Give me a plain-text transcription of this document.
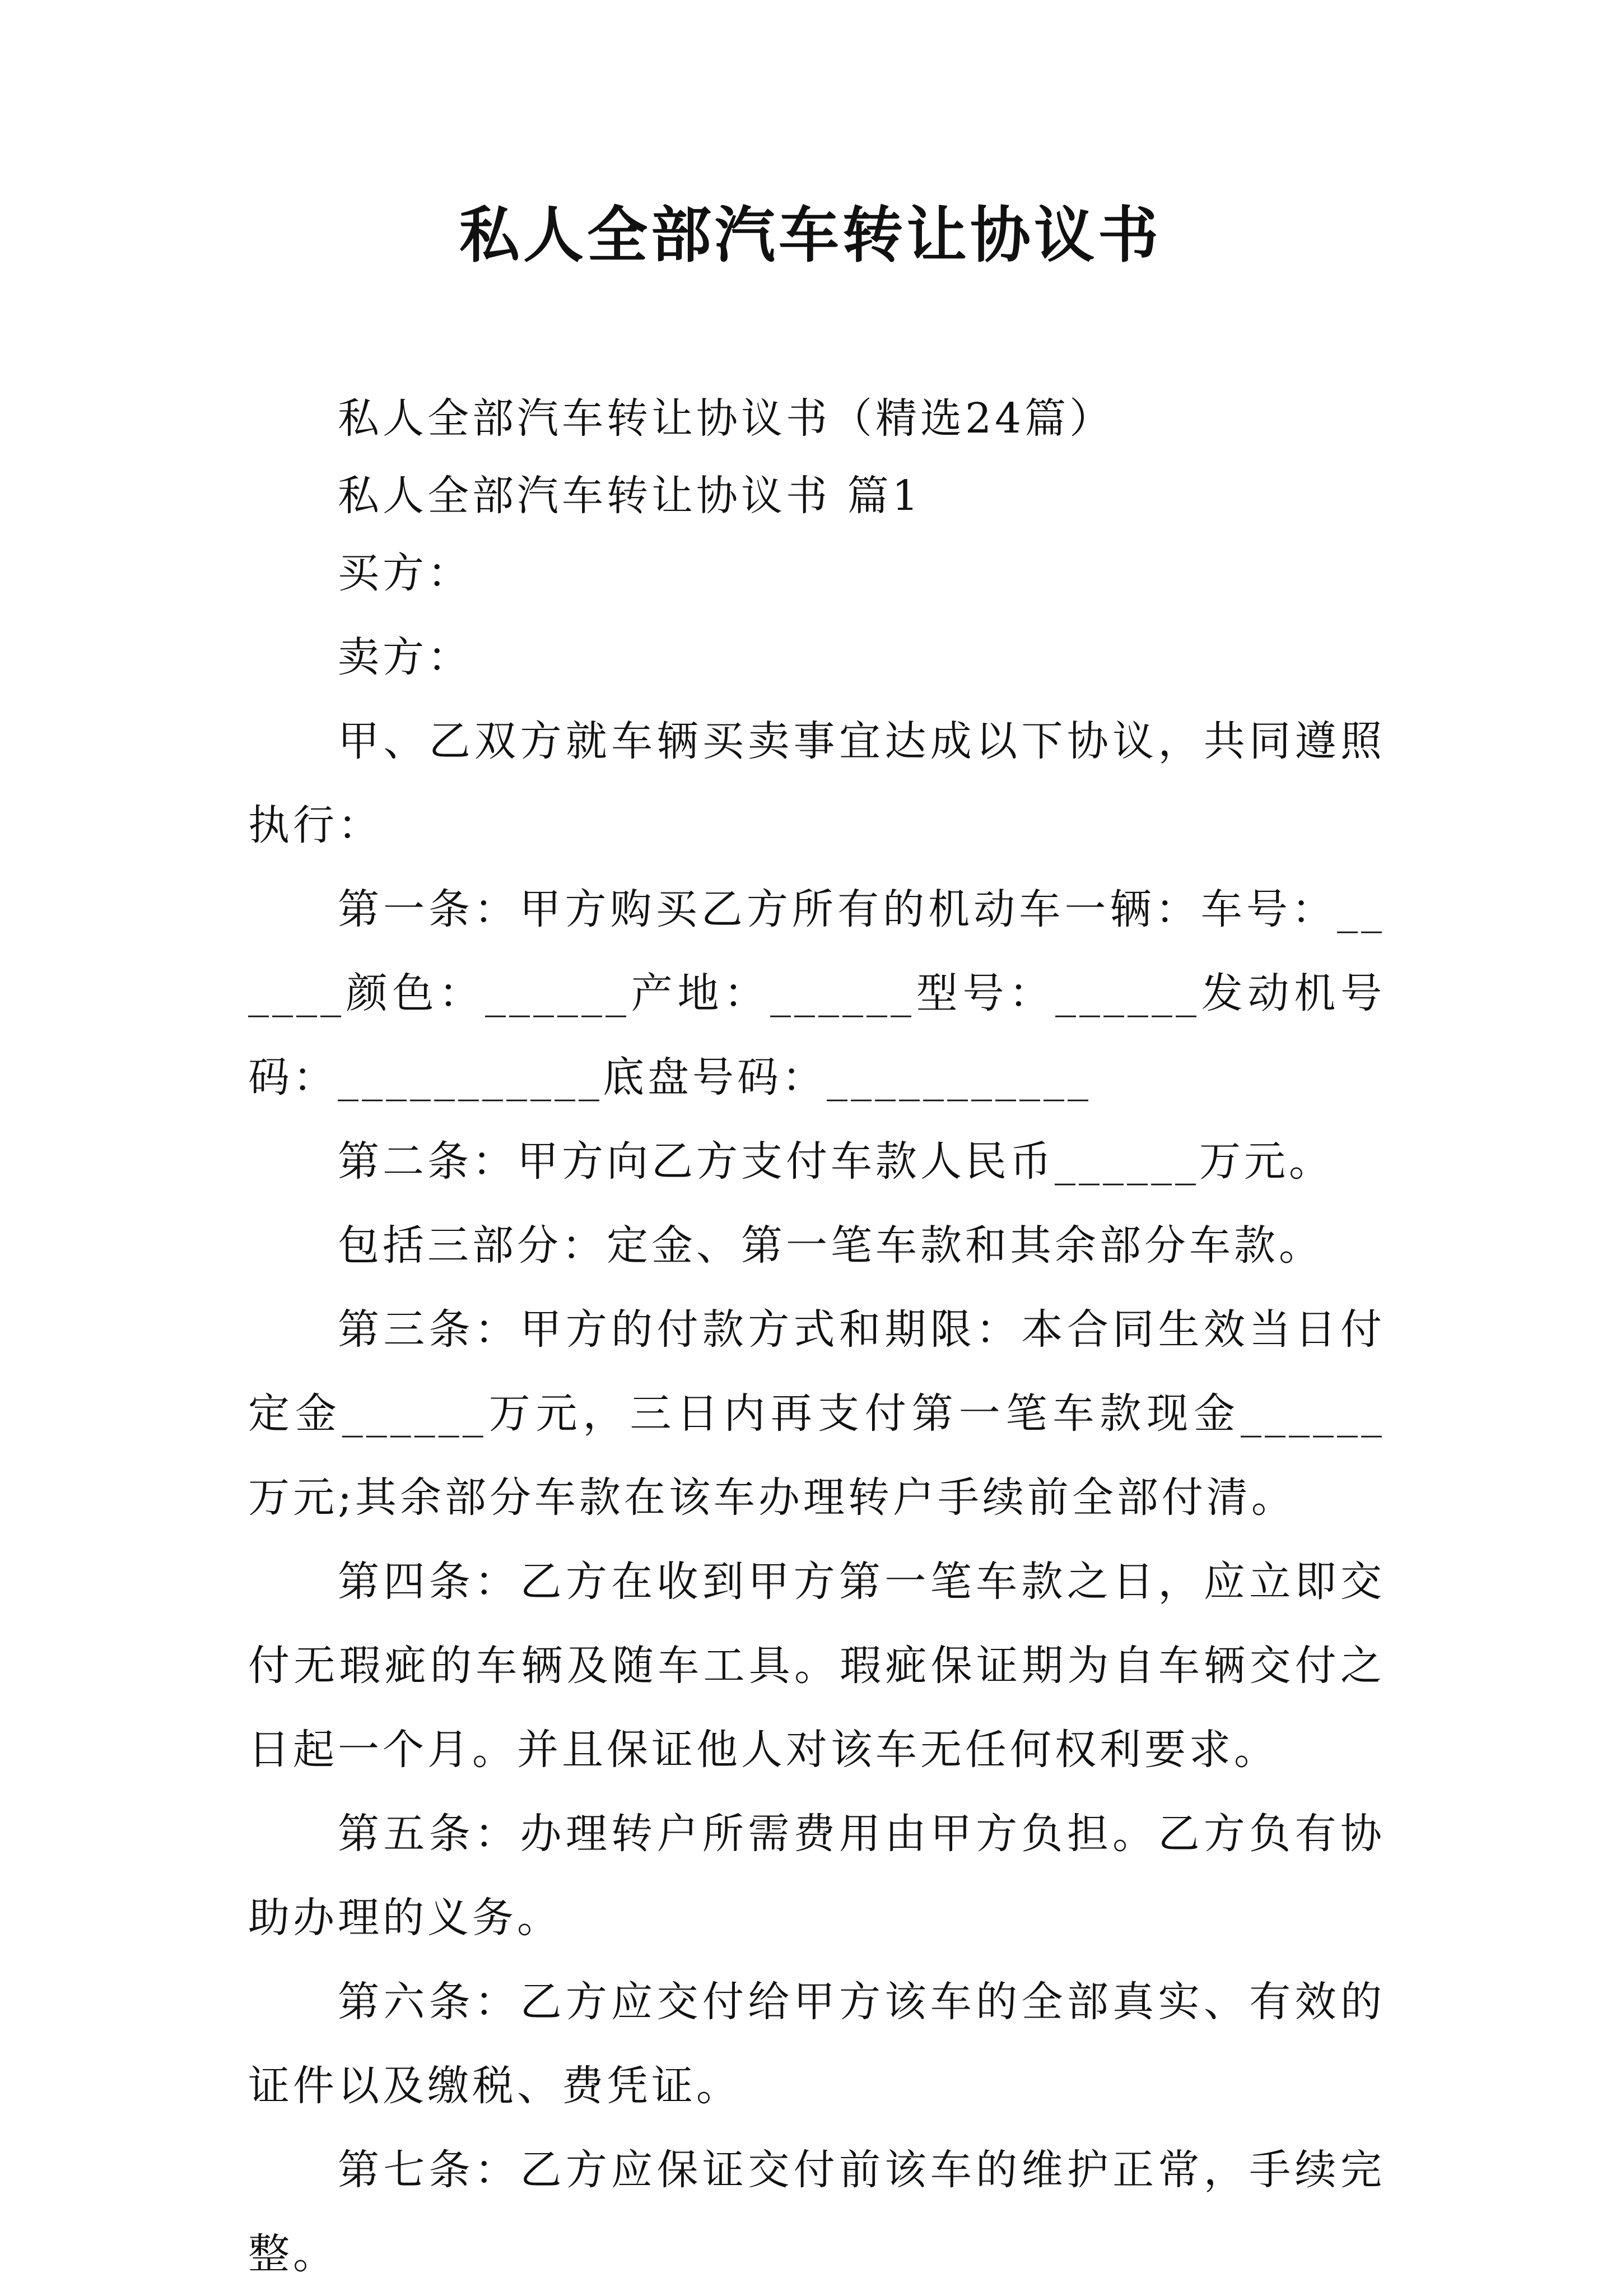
私人全部汽车转让协议书

私人全部汽车转让协议书（精选24篇）

私人全部汽车转让协议书 篇1

买方：

卖方：

甲、乙双方就车辆买卖事宜达成以下协议，共同遵照执行：

第一条：甲方购买乙方所有的机动车一辆：车号：______颜色：______产地：______型号：______发动机号码：___________底盘号码：___________

第二条：甲方向乙方支付车款人民币______万元。

包括三部分：定金、第一笔车款和其余部分车款。

第三条：甲方的付款方式和期限：本合同生效当日付定金______万元，三日内再支付第一笔车款现金______万元;其余部分车款在该车办理转户手续前全部付清。

第四条：乙方在收到甲方第一笔车款之日，应立即交付无瑕疵的车辆及随车工具。瑕疵保证期为自车辆交付之日起一个月。并且保证他人对该车无任何权利要求。

第五条：办理转户所需费用由甲方负担。乙方负有协助办理的义务。

第六条：乙方应交付给甲方该车的全部真实、有效的证件以及缴税、费凭证。

第七条：乙方应保证交付前该车的维护正常，手续完整。
